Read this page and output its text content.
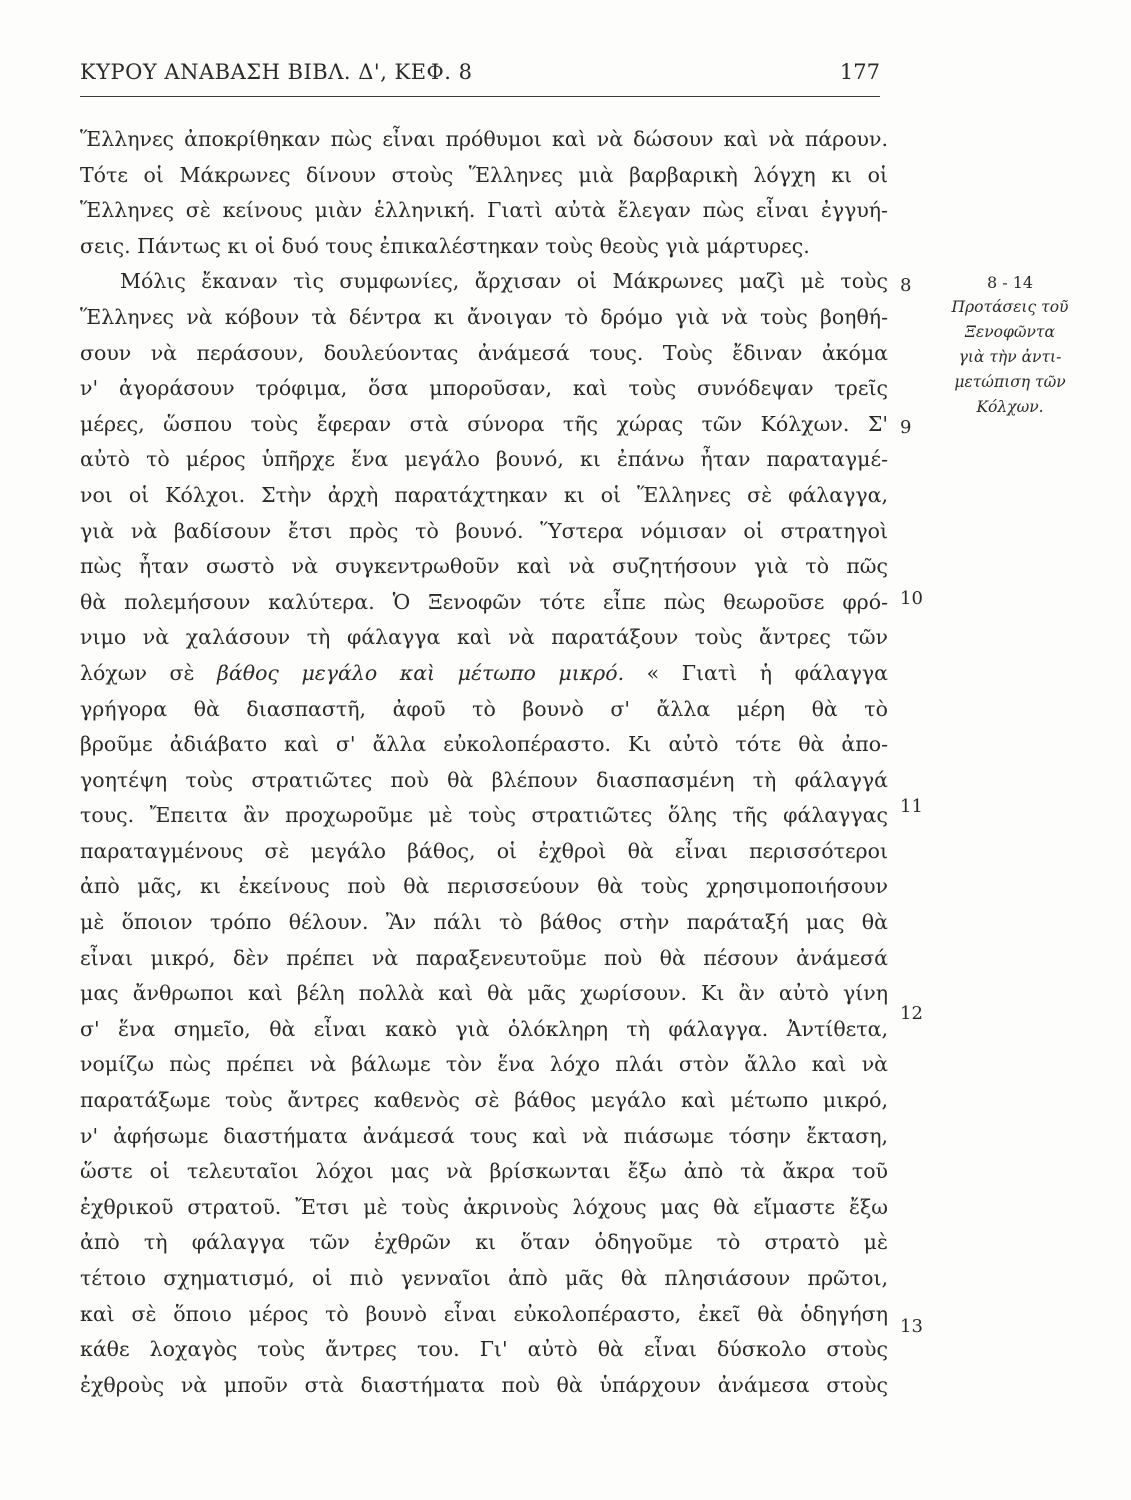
ΚΥΡΟΥ ΑΝΑΒΑΣΗ ΒΙΒΛ. Δ', ΚΕΦ. 8	177
Ἕλληνες ἀποκρίθηκαν πὼς εἶναι πρόθυμοι καὶ νὰ δώσουν καὶ νὰ πάρουν.
Τότε οἱ Μάκρωνες δίνουν στοὺς Ἕλληνες μιὰ βαρβαρικὴ λόγχη κι οἱ
Ἕλληνες σὲ κείνους μιὰν ἑλληνική. Γιατὶ αὐτὰ ἔλεγαν πὼς εἶναι ἐγγυή-
σεις. Πάντως κι οἱ δυό τους ἐπικαλέστηκαν τοὺς θεοὺς γιὰ μάρτυρες.
Μόλις ἔκαναν τὶς συμφωνίες, ἄρχισαν οἱ Μάκρωνες μαζὶ μὲ τοὺς
Ἕλληνες νὰ κόβουν τὰ δέντρα κι ἄνοιγαν τὸ δρόμο γιὰ νὰ τοὺς βοηθή-
σουν νὰ περάσουν, δουλεύοντας ἀνάμεσά τους. Τοὺς ἔδιναν ἀκόμα
ν' ἀγοράσουν τρόφιμα, ὅσα μποροῦσαν, καὶ τοὺς συνόδεψαν τρεῖς
μέρες, ὥσπου τοὺς ἔφεραν στὰ σύνορα τῆς χώρας τῶν Κόλχων. Σ'
αὐτὸ τὸ μέρος ὑπῆρχε ἕνα μεγάλο βουνό, κι ἐπάνω ἦταν παραταγμέ-
νοι οἱ Κόλχοι. Στὴν ἀρχὴ παρατάχτηκαν κι οἱ Ἕλληνες σὲ φάλαγγα,
γιὰ νὰ βαδίσουν ἔτσι πρὸς τὸ βουνό. Ὕστερα νόμισαν οἱ στρατηγοὶ
πὼς ἦταν σωστὸ νὰ συγκεντρωθοῦν καὶ νὰ συζητήσουν γιὰ τὸ πῶς
θὰ πολεμήσουν καλύτερα. Ὁ Ξενοφῶν τότε εἶπε πὼς θεωροῦσε φρό-
νιμο νὰ χαλάσουν τὴ φάλαγγα καὶ νὰ παρατάξουν τοὺς ἄντρες τῶν
λόχων σὲ βάθος μεγάλο καὶ μέτωπο μικρό. « Γιατὶ ἡ φάλαγγα
γρήγορα θὰ διασπαστῆ, ἀφοῦ τὸ βουνὸ σ' ἄλλα μέρη θὰ τὸ
βροῦμε ἀδιάβατο καὶ σ' ἄλλα εὐκολοπέραστο. Κι αὐτὸ τότε θὰ ἀπο-
γοητέψη τοὺς στρατιῶτες ποὺ θὰ βλέπουν διασπασμένη τὴ φάλαγγά
τους. Ἔπειτα ἂν προχωροῦμε μὲ τοὺς στρατιῶτες ὅλης τῆς φάλαγγας
παραταγμένους σὲ μεγάλο βάθος, οἱ ἐχθροὶ θὰ εἶναι περισσότεροι
ἀπὸ μᾶς, κι ἐκείνους ποὺ θὰ περισσεύουν θὰ τοὺς χρησιμοποιήσουν
μὲ ὅποιον τρόπο θέλουν. Ἂν πάλι τὸ βάθος στὴν παράταξή μας θὰ
εἶναι μικρό, δὲν πρέπει νὰ παραξενευτοῦμε ποὺ θὰ πέσουν ἀνάμεσά
μας ἄνθρωποι καὶ βέλη πολλὰ καὶ θὰ μᾶς χωρίσουν. Κι ἂν αὐτὸ γίνη
σ' ἕνα σημεῖο, θὰ εἶναι κακὸ γιὰ ὁλόκληρη τὴ φάλαγγα. Ἀντίθετα,
νομίζω πὼς πρέπει νὰ βάλωμε τὸν ἕνα λόχο πλάι στὸν ἄλλο καὶ νὰ
παρατάξωμε τοὺς ἄντρες καθενὸς σὲ βάθος μεγάλο καὶ μέτωπο μικρό,
ν' ἀφήσωμε διαστήματα ἀνάμεσά τους καὶ νὰ πιάσωμε τόσην ἔκταση,
ὥστε οἱ τελευταῖοι λόχοι μας νὰ βρίσκωνται ἔξω ἀπὸ τὰ ἄκρα τοῦ
ἐχθρικοῦ στρατοῦ. Ἔτσι μὲ τοὺς ἀκρινοὺς λόχους μας θὰ εἴμαστε ἔξω
ἀπὸ τὴ φάλαγγα τῶν ἐχθρῶν κι ὅταν ὁδηγοῦμε τὸ στρατὸ μὲ
τέτοιο σχηματισμό, οἱ πιὸ γενναῖοι ἀπὸ μᾶς θὰ πλησιάσουν πρῶτοι,
καὶ σὲ ὅποιο μέρος τὸ βουνὸ εἶναι εὐκολοπέραστο, ἐκεῖ θὰ ὁδηγήση
κάθε λοχαγὸς τοὺς ἄντρες του. Γι' αὐτὸ θὰ εἶναι δύσκολο στοὺς
ἐχθροὺς νὰ μποῦν στὰ διαστήματα ποὺ θὰ ὑπάρχουν ἀνάμεσα στοὺς
8
9
10
11
12
13
8 - 14
Προτάσεις τοῦ
Ξενοφῶντα
γιὰ τὴν ἀντι-
μετώπιση τῶν
Κόλχων.
